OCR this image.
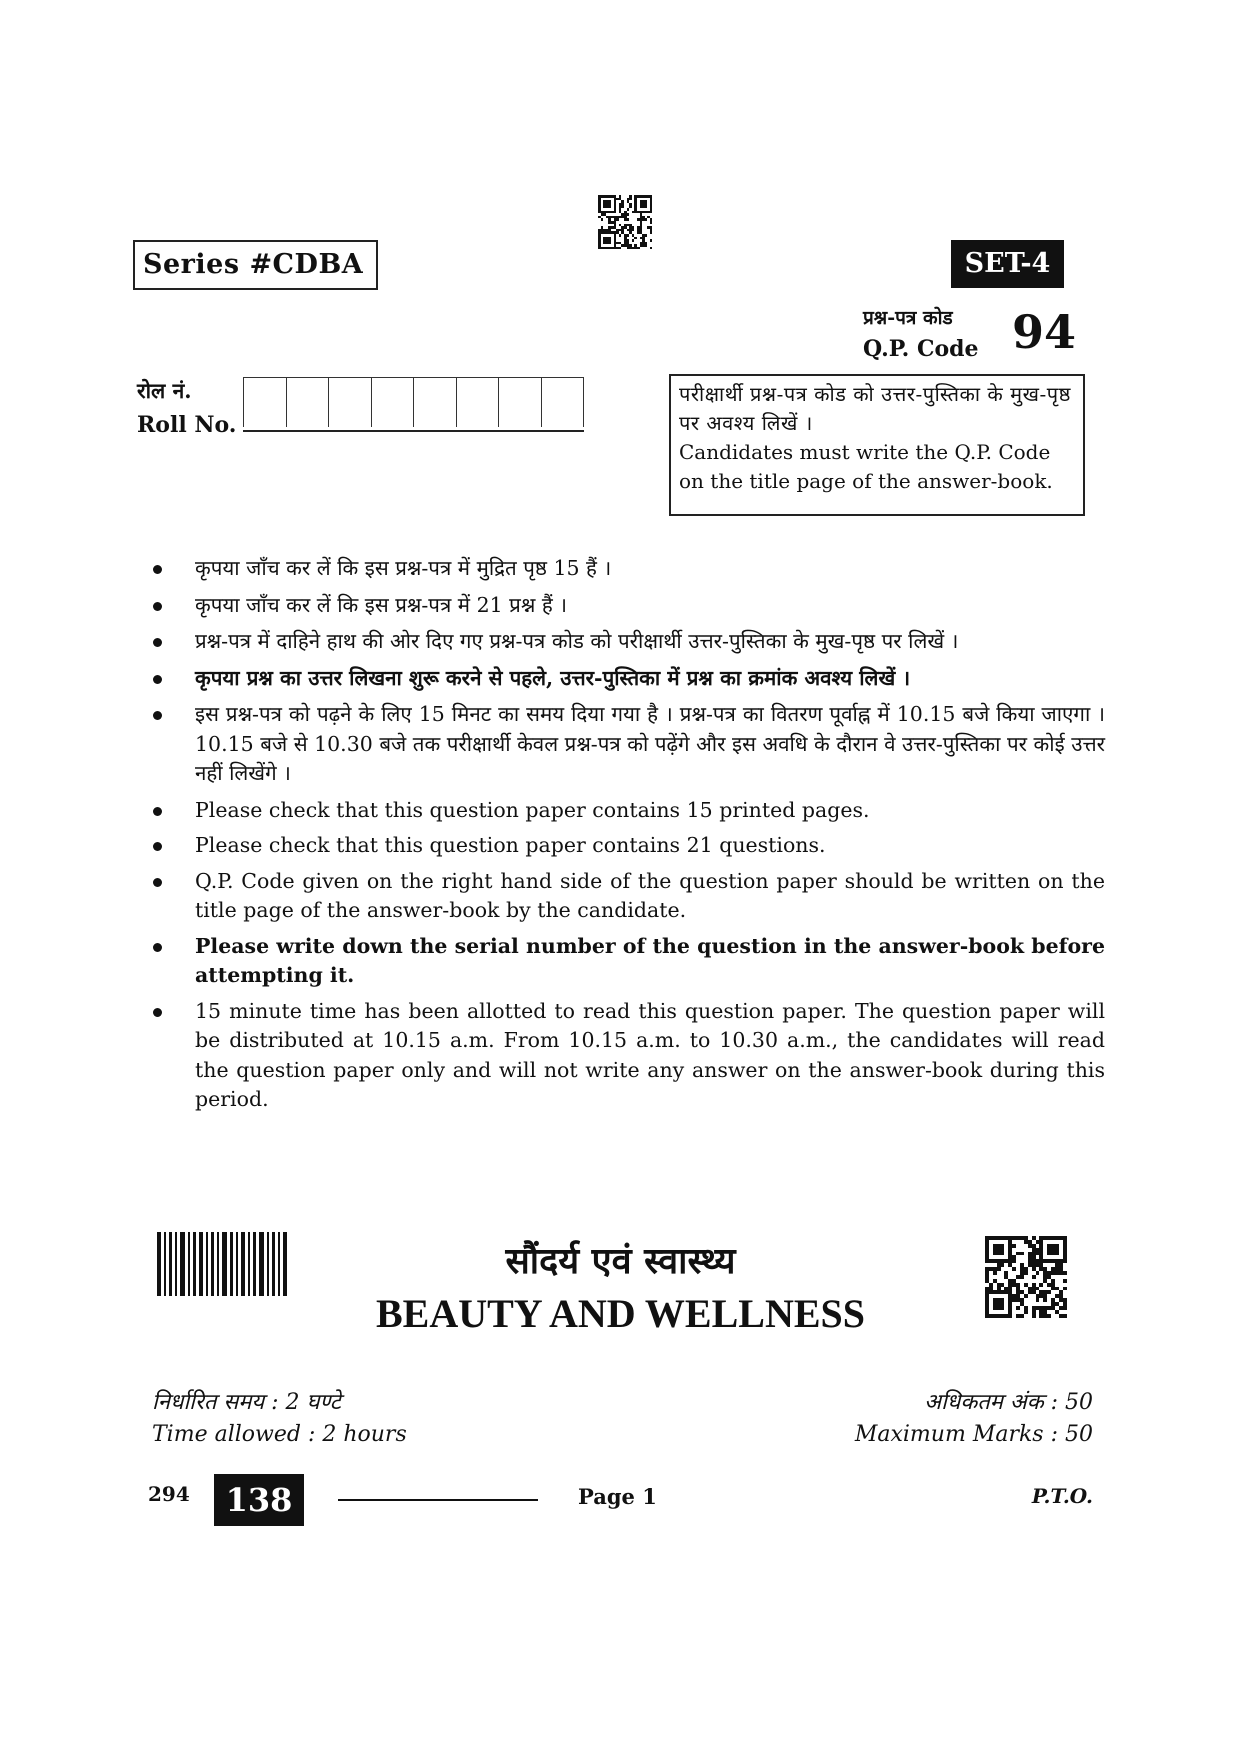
Series #CDBA	SET-4
प्रश्न-पत्र कोड
Q.P. Code 94
रोल नं.
Roll No.
परीक्षार्थी प्रश्न-पत्र कोड को उत्तर-पुस्तिका के मुख-पृष्ठ पर अवश्य लिखें ।
Candidates must write the Q.P. Code on the title page of the answer-book.
कृपया जाँच कर लें कि इस प्रश्न-पत्र में मुद्रित पृष्ठ 15 हैं ।
कृपया जाँच कर लें कि इस प्रश्न-पत्र में 21 प्रश्न हैं ।
प्रश्न-पत्र में दाहिने हाथ की ओर दिए गए प्रश्न-पत्र कोड को परीक्षार्थी उत्तर-पुस्तिका के मुख-पृष्ठ पर लिखें ।
कृपया प्रश्न का उत्तर लिखना शुरू करने से पहले, उत्तर-पुस्तिका में प्रश्न का क्रमांक अवश्य लिखें ।
इस प्रश्न-पत्र को पढ़ने के लिए 15 मिनट का समय दिया गया है । प्रश्न-पत्र का वितरण पूर्वाह्न में 10.15 बजे किया जाएगा । 10.15 बजे से 10.30 बजे तक परीक्षार्थी केवल प्रश्न-पत्र को पढ़ेंगे और इस अवधि के दौरान वे उत्तर-पुस्तिका पर कोई उत्तर नहीं लिखेंगे ।
Please check that this question paper contains 15 printed pages.
Please check that this question paper contains 21 questions.
Q.P. Code given on the right hand side of the question paper should be written on the title page of the answer-book by the candidate.
Please write down the serial number of the question in the answer-book before attempting it.
15 minute time has been allotted to read this question paper. The question paper will be distributed at 10.15 a.m. From 10.15 a.m. to 10.30 a.m., the candidates will read the question paper only and will not write any answer on the answer-book during this period.
सौंदर्य एवं स्वास्थ्य
BEAUTY AND WELLNESS
निर्धारित समय : 2 घण्टे
Time allowed : 2 hours
अधिकतम अंक : 50
Maximum Marks : 50
294	138	Page 1	P.T.O.
